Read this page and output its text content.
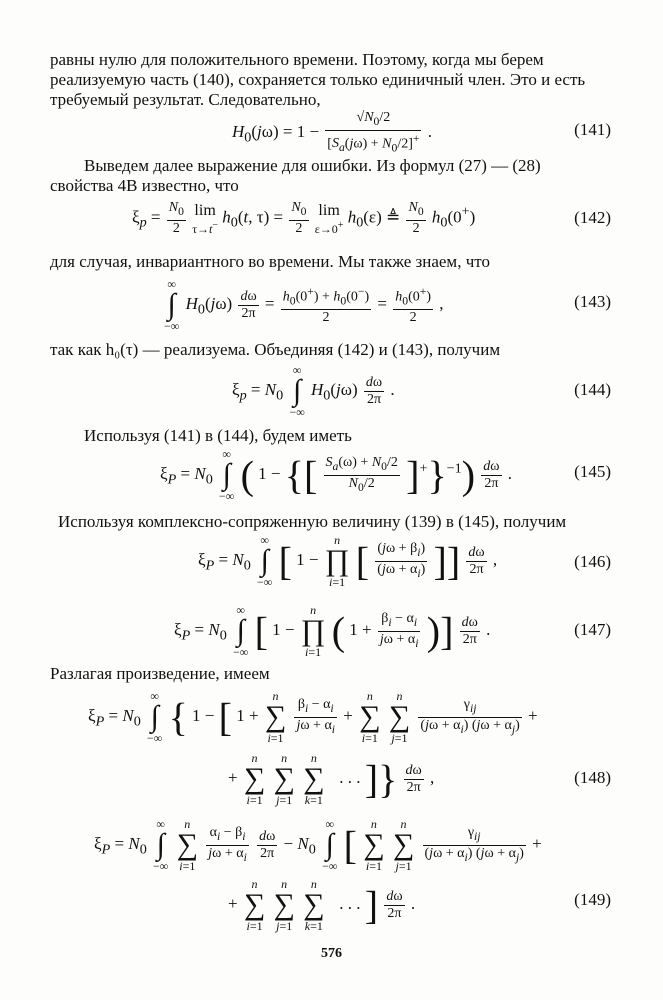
равны нулю для положительного времени. Поэтому, когда мы берем
реализуемую часть (140), сохраняется только единичный член. Это и есть
требуемый результат. Следовательно,
$H_0(j\omega) = 1 - \frac{√N_0/2}{[S_a(j\omega) + N_0/2]^+}$ .	(141)
Выведем далее выражение для ошибки. Из формул (27) — (28)
свойства 4В известно, что
$\xi_p = \frac{N_0}{2}$
lim
τ→t− $h_0(t$, $\tau) = \frac{N_0}{2}$
lim
ε→0+ $h_0(\varepsilon)$ ≜ $\frac{N_0}{2} h_0(0^+)$	(142)
для случая, инвариантного во времени. Мы также знаем, что
∞
∫
−∞ $H_0(j\omega) \frac{d\omega}{2\pi} = \frac{h_0(0^+) + h_0(0^-)}{2} = \frac{h_0(0^+)}{2}$ ,	(143)
так как h₀(τ) — реализуема. Объединяя (142) и (143), получим
$\xi_p = N_0$ ∞
∫
−∞ $H_0(j\omega) \frac{d\omega}{2\pi}$ .	(144)
Используя (141) в (144), будем иметь
$\xi_P = N_0$ ∞
∫
−∞ ( 1 − {[ $\frac{S_a(\omega) + N_0/2}{N_0/2} ]^+\}^{-1}) \frac{d\omega}{2\pi}$ .	(145)
Используя комплексно-сопряженную величину (139) в (145), получим
$\xi_P = N_0$ ∞
∫
−∞ [ 1 − n
∏
i=1 [ $\frac{(j\omega + \beta_i)}{(j\omega + \alpha_i)}$ ]] $\frac{d\omega}{2\pi}$ ,	(146)
$\xi_P = N_0$ ∞
∫
−∞ [ 1 − n
∏
i=1 ( $1 + \frac{\beta_i - \alpha_i}{j\omega + \alpha_i}$ )] $\frac{d\omega}{2\pi}$ .	(147)
Разлагая произведение, имеем
$\xi_P = N_0$ ∞
∫
−∞ { 1 − [ 1 + n
∑
i=1
$\frac{\beta_i - \alpha_i}{j\omega + \alpha_i} + n$
∑
i=1 n
∑
j=1
$\frac{\gamma_{ij}}{(j\omega + \alpha_i) (j\omega + \alpha_j)}$ +
+ n
∑
i=1 n
∑
j=1 n
∑
k=1   . . . ]} $\frac{d\omega}{2\pi}$ ,	(148)
$\xi_P = N_0$ ∞
∫
−∞ n
∑
i=1
$\frac{\alpha_i - \beta_i}{j\omega + \alpha_i}$
$\frac{d\omega}{2\pi} - N_0$ ∞
∫
−∞ [ n
∑
i=1 n
∑
j=1
$\frac{\gamma_{ij}}{(j\omega + \alpha_i) (j\omega + \alpha_j)}$ +
+ n
∑
i=1 n
∑
j=1 n
∑
k=1   . . . ] $\frac{d\omega}{2\pi}$ .	(149)
576
